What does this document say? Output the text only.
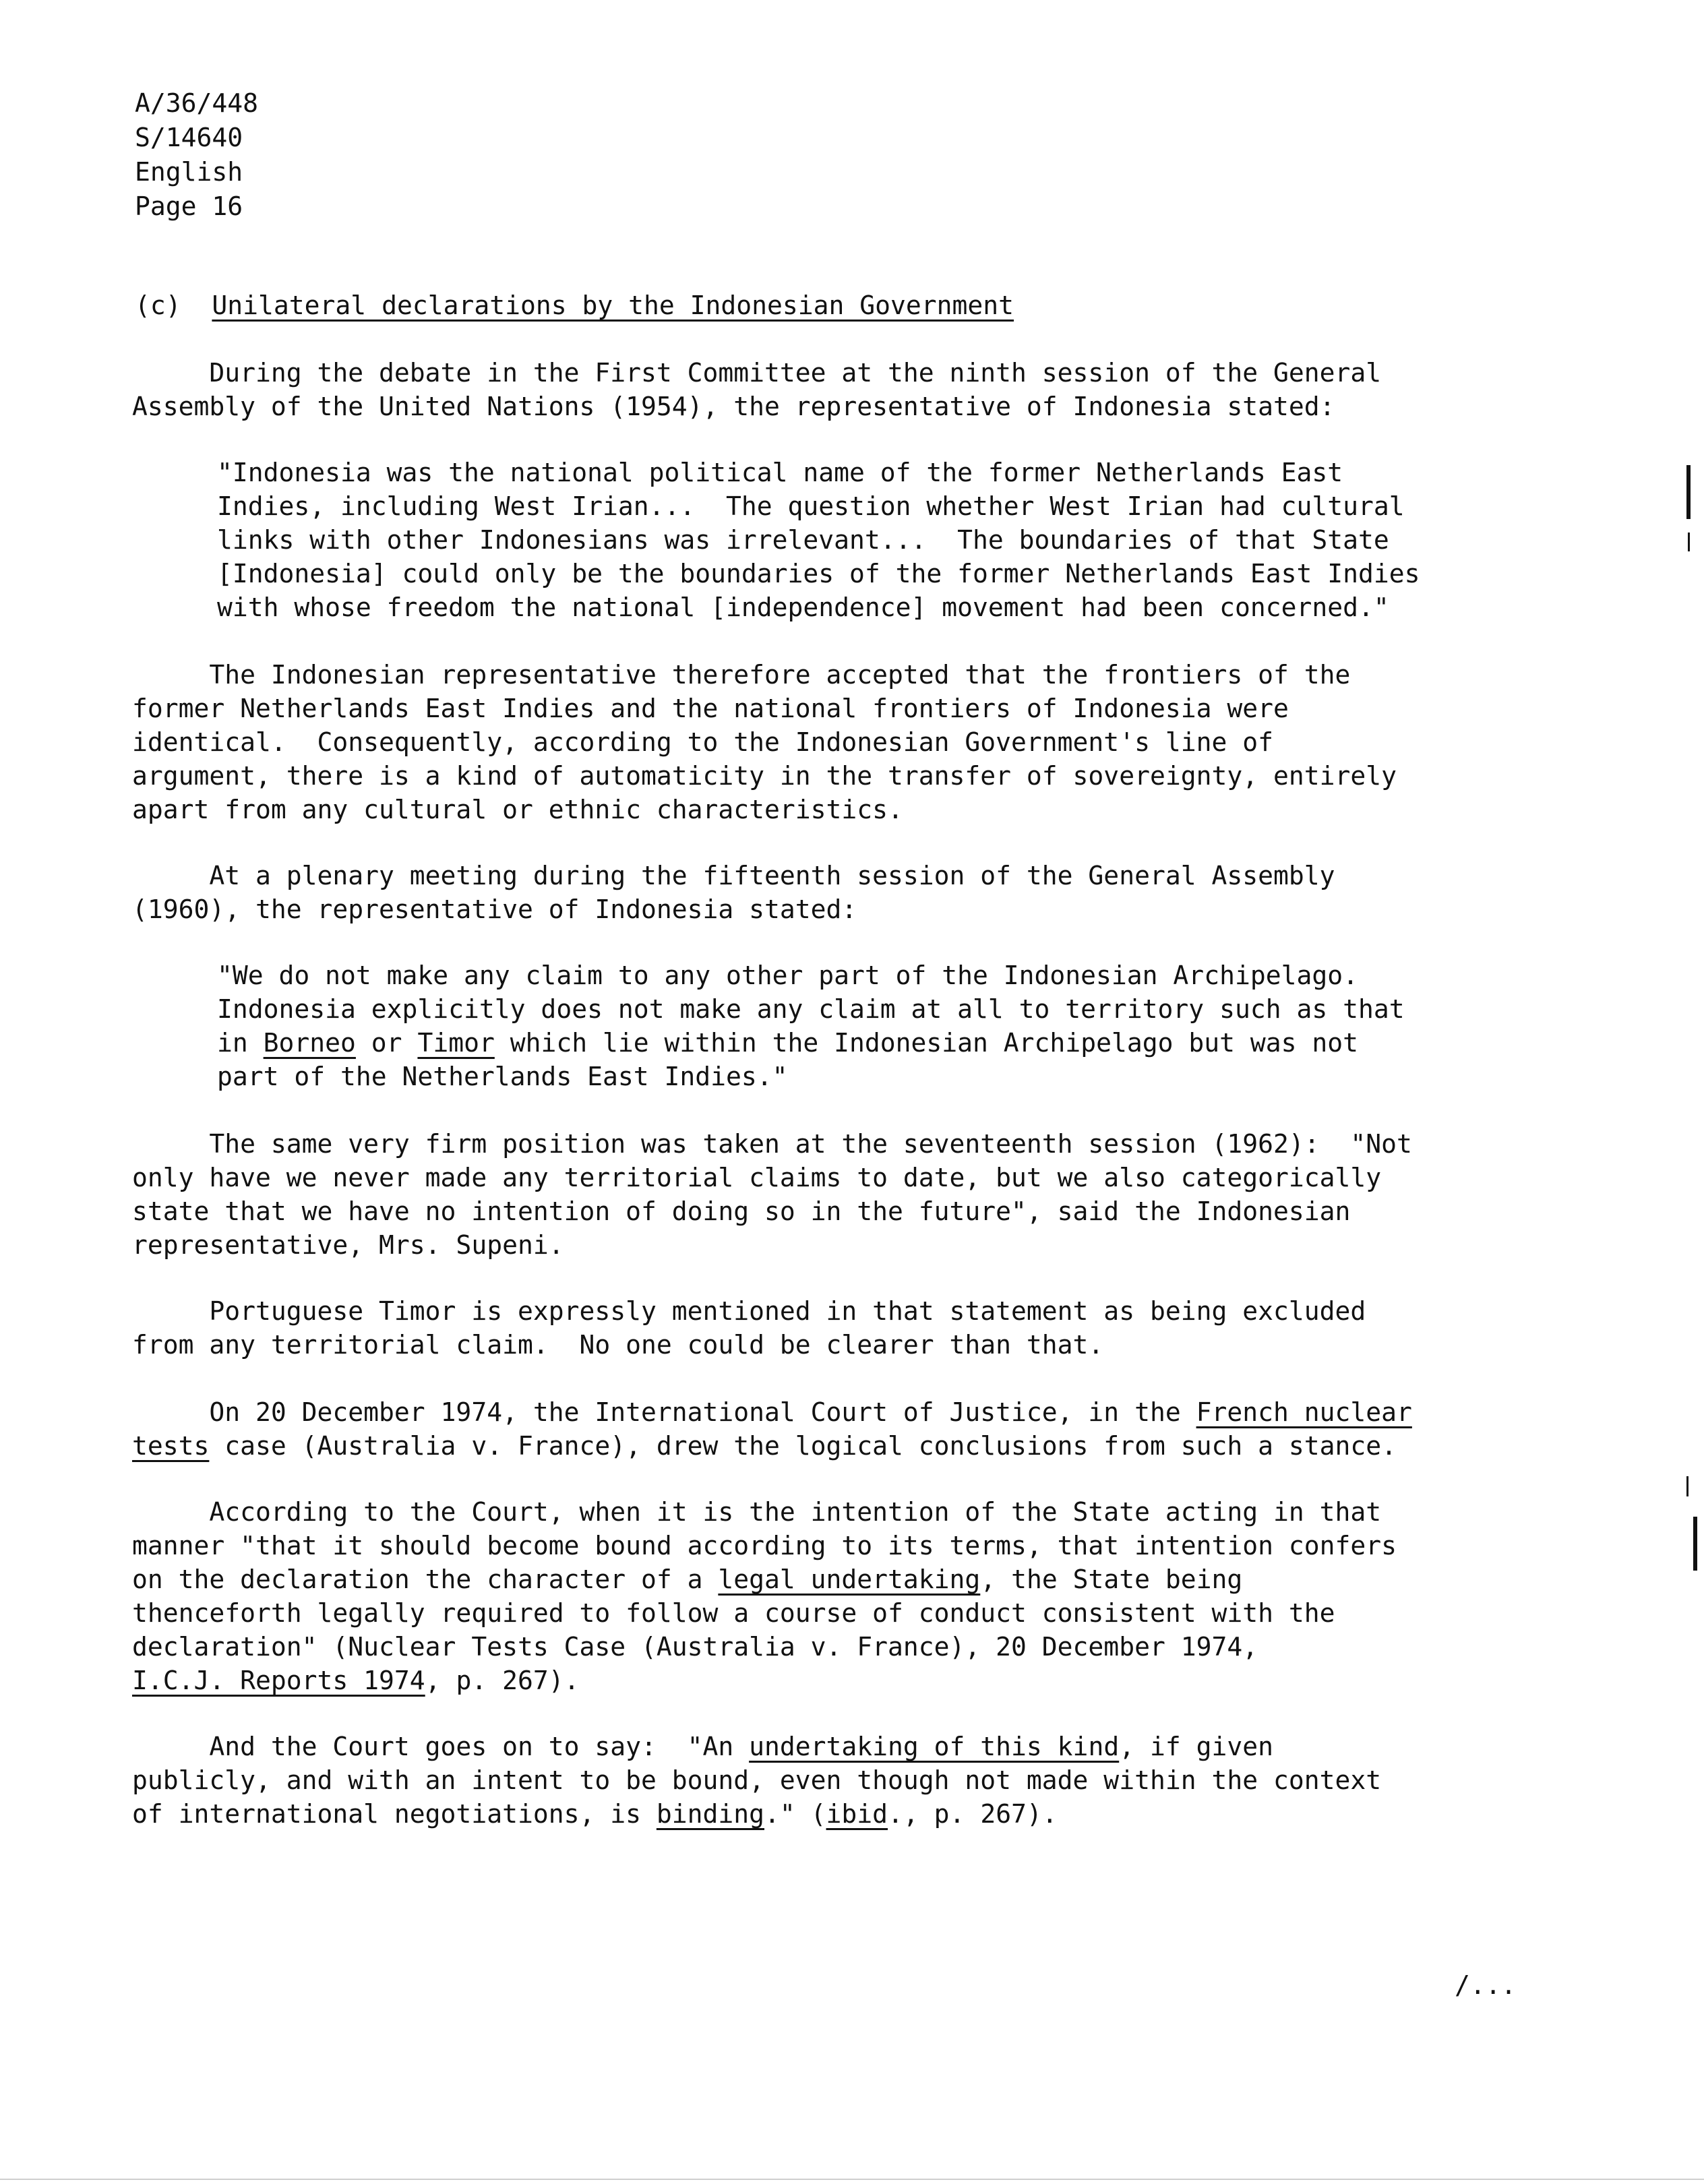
A/36/448
S/14640
English
Page 16
(c) Unilateral declarations by the Indonesian Government
During the debate in the First Committee at the ninth session of the General
Assembly of the United Nations (1954), the representative of Indonesia stated:
"Indonesia was the national political name of the former Netherlands East
Indies, including West Irian...  The question whether West Irian had cultural
links with other Indonesians was irrelevant...  The boundaries of that State
[Indonesia] could only be the boundaries of the former Netherlands East Indies
with whose freedom the national [independence] movement had been concerned."
The Indonesian representative therefore accepted that the frontiers of the
former Netherlands East Indies and the national frontiers of Indonesia were
identical.  Consequently, according to the Indonesian Government's line of
argument, there is a kind of automaticity in the transfer of sovereignty, entirely
apart from any cultural or ethnic characteristics.
At a plenary meeting during the fifteenth session of the General Assembly
(1960), the representative of Indonesia stated:
"We do not make any claim to any other part of the Indonesian Archipelago.
Indonesia explicitly does not make any claim at all to territory such as that
in Borneo or Timor which lie within the Indonesian Archipelago but was not
part of the Netherlands East Indies."
The same very firm position was taken at the seventeenth session (1962):  "Not
only have we never made any territorial claims to date, but we also categorically
state that we have no intention of doing so in the future", said the Indonesian
representative, Mrs. Supeni.
Portuguese Timor is expressly mentioned in that statement as being excluded
from any territorial claim.  No one could be clearer than that.
On 20 December 1974, the International Court of Justice, in the French nuclear
tests case (Australia v. France), drew the logical conclusions from such a stance.
According to the Court, when it is the intention of the State acting in that
manner "that it should become bound according to its terms, that intention confers
on the declaration the character of a legal undertaking, the State being
thenceforth legally required to follow a course of conduct consistent with the
declaration" (Nuclear Tests Case (Australia v. France), 20 December 1974,
I.C.J. Reports 1974, p. 267).
And the Court goes on to say:  "An undertaking of this kind, if given
publicly, and with an intent to be bound, even though not made within the context
of international negotiations, is binding." (ibid., p. 267).
/...
